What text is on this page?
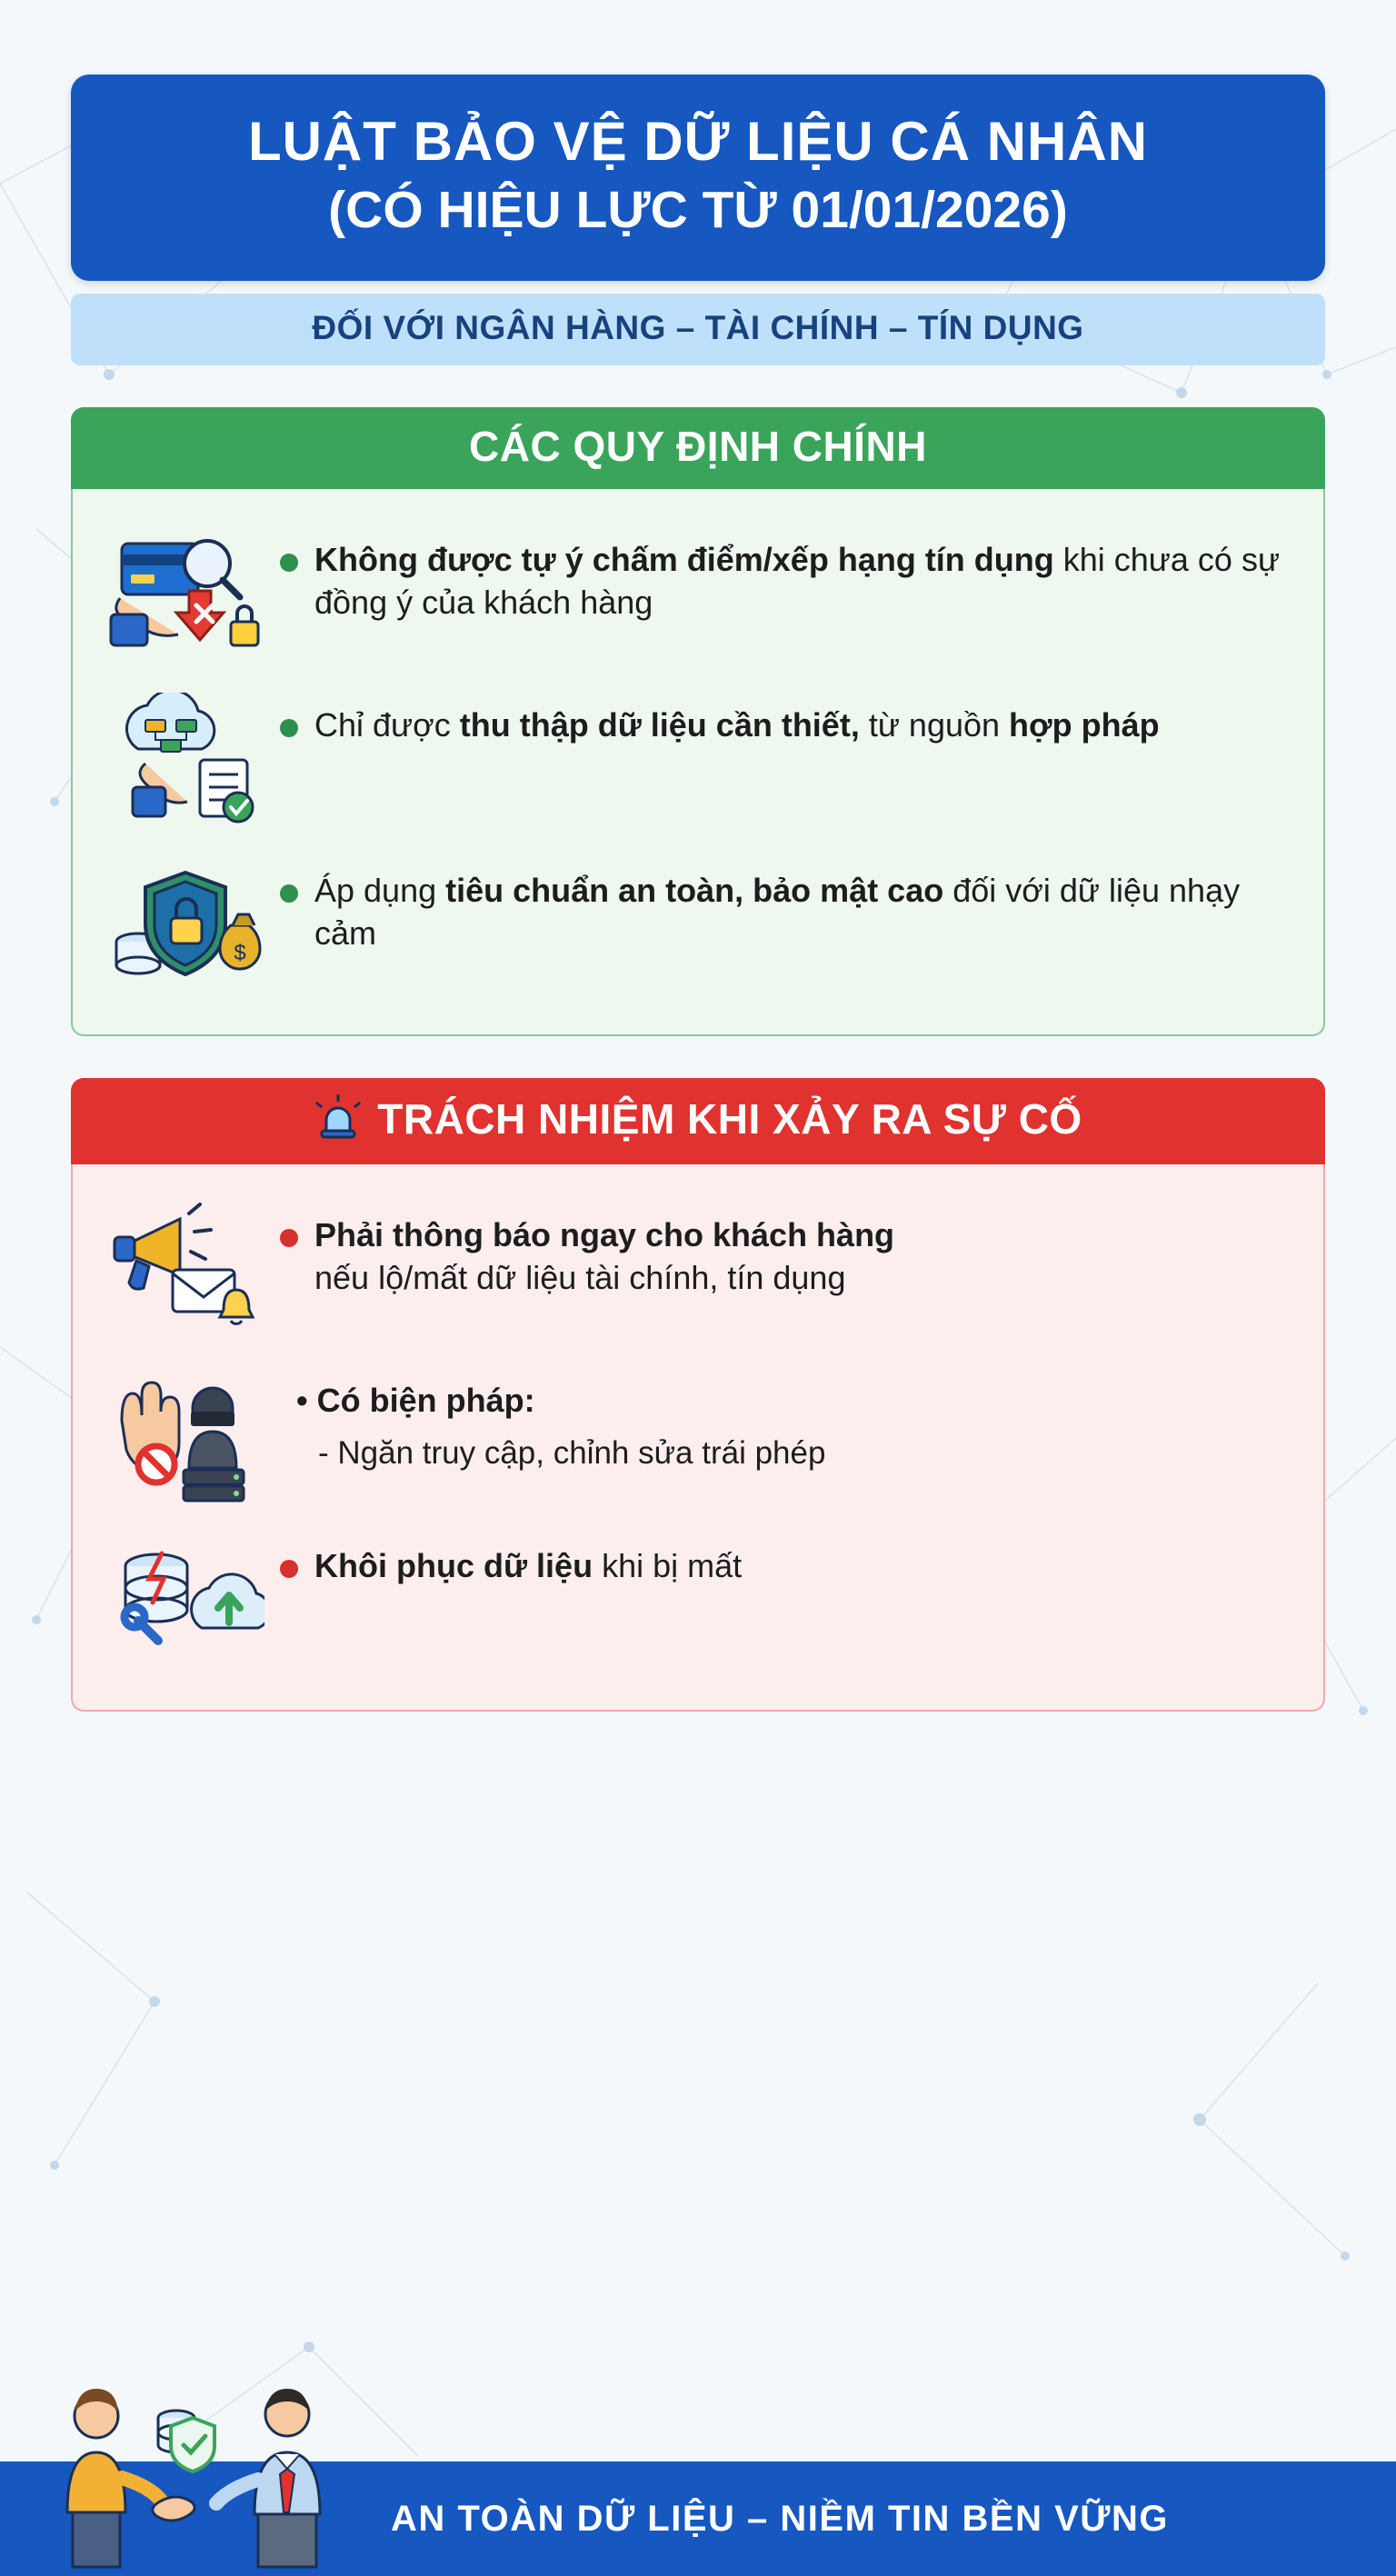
LUẬT BẢO VỆ DỮ LIỆU CÁ NHÂN
(CÓ HIỆU LỰC TỪ 01/01/2026)
ĐỐI VỚI NGÂN HÀNG – TÀI CHÍNH – TÍN DỤNG
CÁC QUY ĐỊNH CHÍNH

Không được tự ý chấm điểm/xếp hạng tín dụng khi chưa có sự đồng ý của khách hàng

Chỉ được thu thập dữ liệu cần thiết, từ nguồn hợp pháp

$

Áp dụng tiêu chuẩn an toàn, bảo mật cao đối với dữ liệu nhạy cảm

TRÁCH NHIỆM KHI XẢY RA SỰ CỐ

Phải thông báo ngay cho khách hàng
nếu lộ/mất dữ liệu tài chính, tín dụng

• Có biện pháp:

- Ngăn truy cập, chỉnh sửa trái phép

Khôi phục dữ liệu khi bị mất

AN TOÀN DỮ LIỆU – NIỀM TIN BỀN VỮNG
